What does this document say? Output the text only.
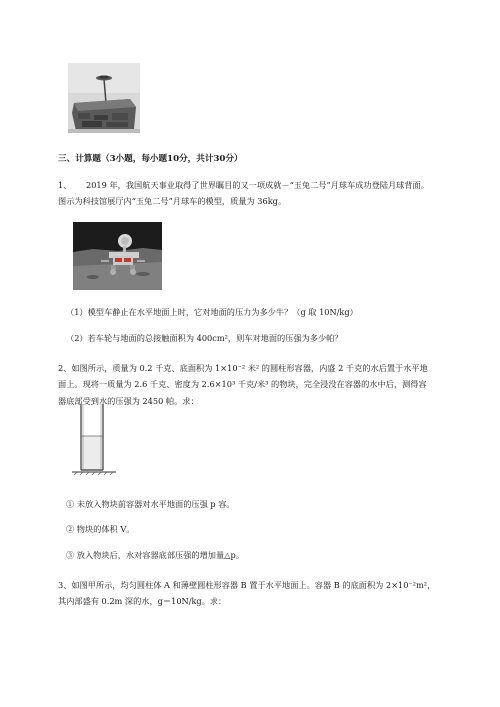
三、计算题（3小题，每小题10分，共计30分）
1、 2019 年，我国航天事业取得了世界瞩目的又一项成就－“玉兔二号”月球车成功登陆月球背面。
图示为科技馆展厅内“玉兔二号”月球车的模型，质量为 36kg。
（1）模型车静止在水平地面上时，它对地面的压力为多少牛？（g 取 10N/kg）
（2）若车轮与地面的总接触面积为 400cm²，则车对地面的压强为多少帕？
2、如图所示，质量为 0.2 千克、底面积为 1×10⁻² 米² 的圆柱形容器，内盛 2 千克的水后置于水平地
面上。现将一质量为 2.6 千克、密度为 2.6×10³ 千克/米³ 的物块，完全浸没在容器的水中后，测得容
器底部受到水的压强为 2450 帕。求：
① 未放入物块前容器对水平地面的压强 p 容。
② 物块的体积 V。
③ 放入物块后，水对容器底部压强的增加量△p。
3、如图甲所示，均匀圆柱体 A 和薄壁圆柱形容器 B 置于水平地面上。容器 B 的底面积为 2×10⁻²m²，
其内部盛有 0.2m 深的水，g＝10N/kg。求：
